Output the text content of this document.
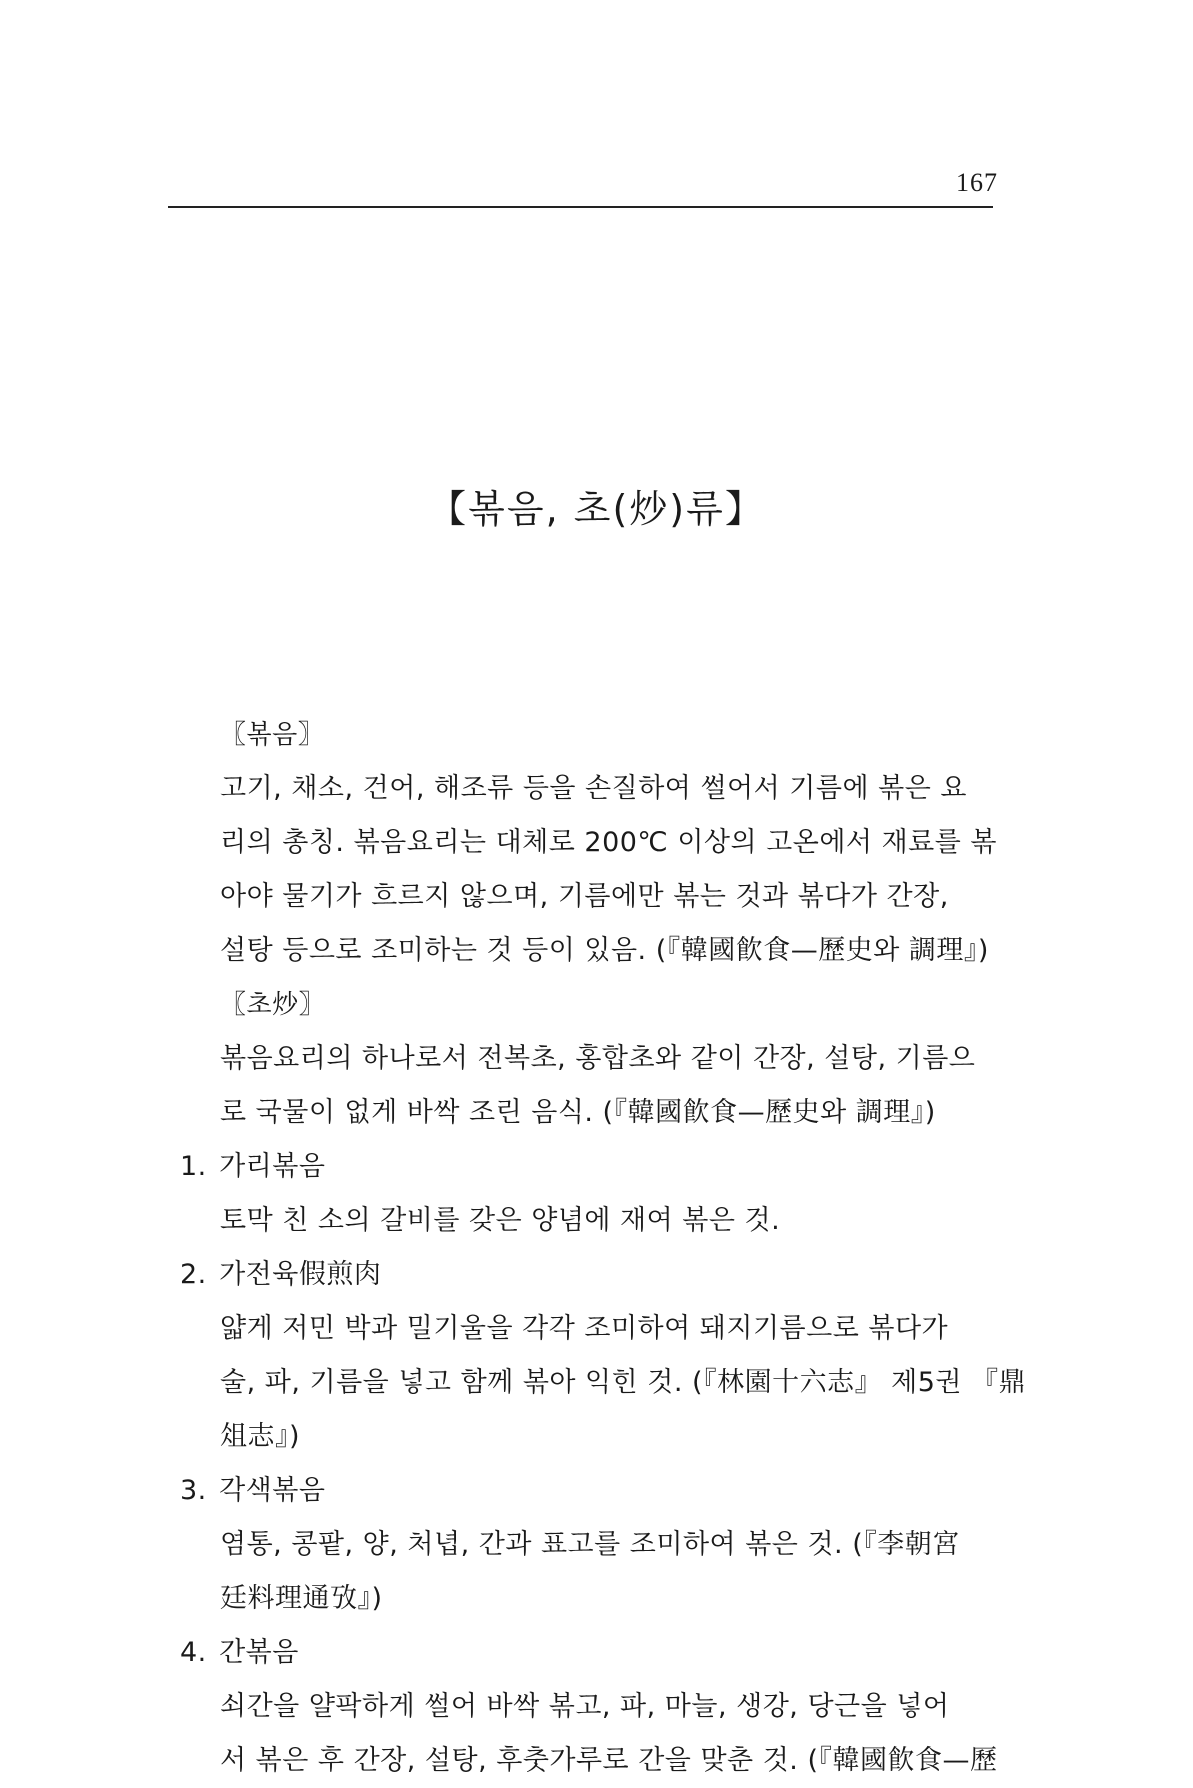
167
【볶음, 초(炒)류】
〖볶음〗
고기, 채소, 건어, 해조류 등을 손질하여 썰어서 기름에 볶은 요
리의 총칭. 볶음요리는 대체로 200℃ 이상의 고온에서 재료를 볶
아야 물기가 흐르지 않으며, 기름에만 볶는 것과 볶다가 간장,
설탕 등으로 조미하는 것 등이 있음. (『韓國飮食—歷史와 調理』)
〖초炒〗
볶음요리의 하나로서 전복초, 홍합초와 같이 간장, 설탕, 기름으
로 국물이 없게 바싹 조린 음식. (『韓國飮食—歷史와 調理』)
1. 가리볶음
토막 친 소의 갈비를 갖은 양념에 재여 볶은 것.
2. 가전육假煎肉
얇게 저민 박과 밀기울을 각각 조미하여 돼지기름으로 볶다가
술, 파, 기름을 넣고 함께 볶아 익힌 것. (『林園十六志』 제5권 『鼎
俎志』)
3. 각색볶음
염통, 콩팥, 양, 처녑, 간과 표고를 조미하여 볶은 것. (『李朝宮
廷料理通攷』)
4. 간볶음
쇠간을 얄팍하게 썰어 바싹 볶고, 파, 마늘, 생강, 당근을 넣어
서 볶은 후 간장, 설탕, 후춧가루로 간을 맞춘 것. (『韓國飮食—歷
